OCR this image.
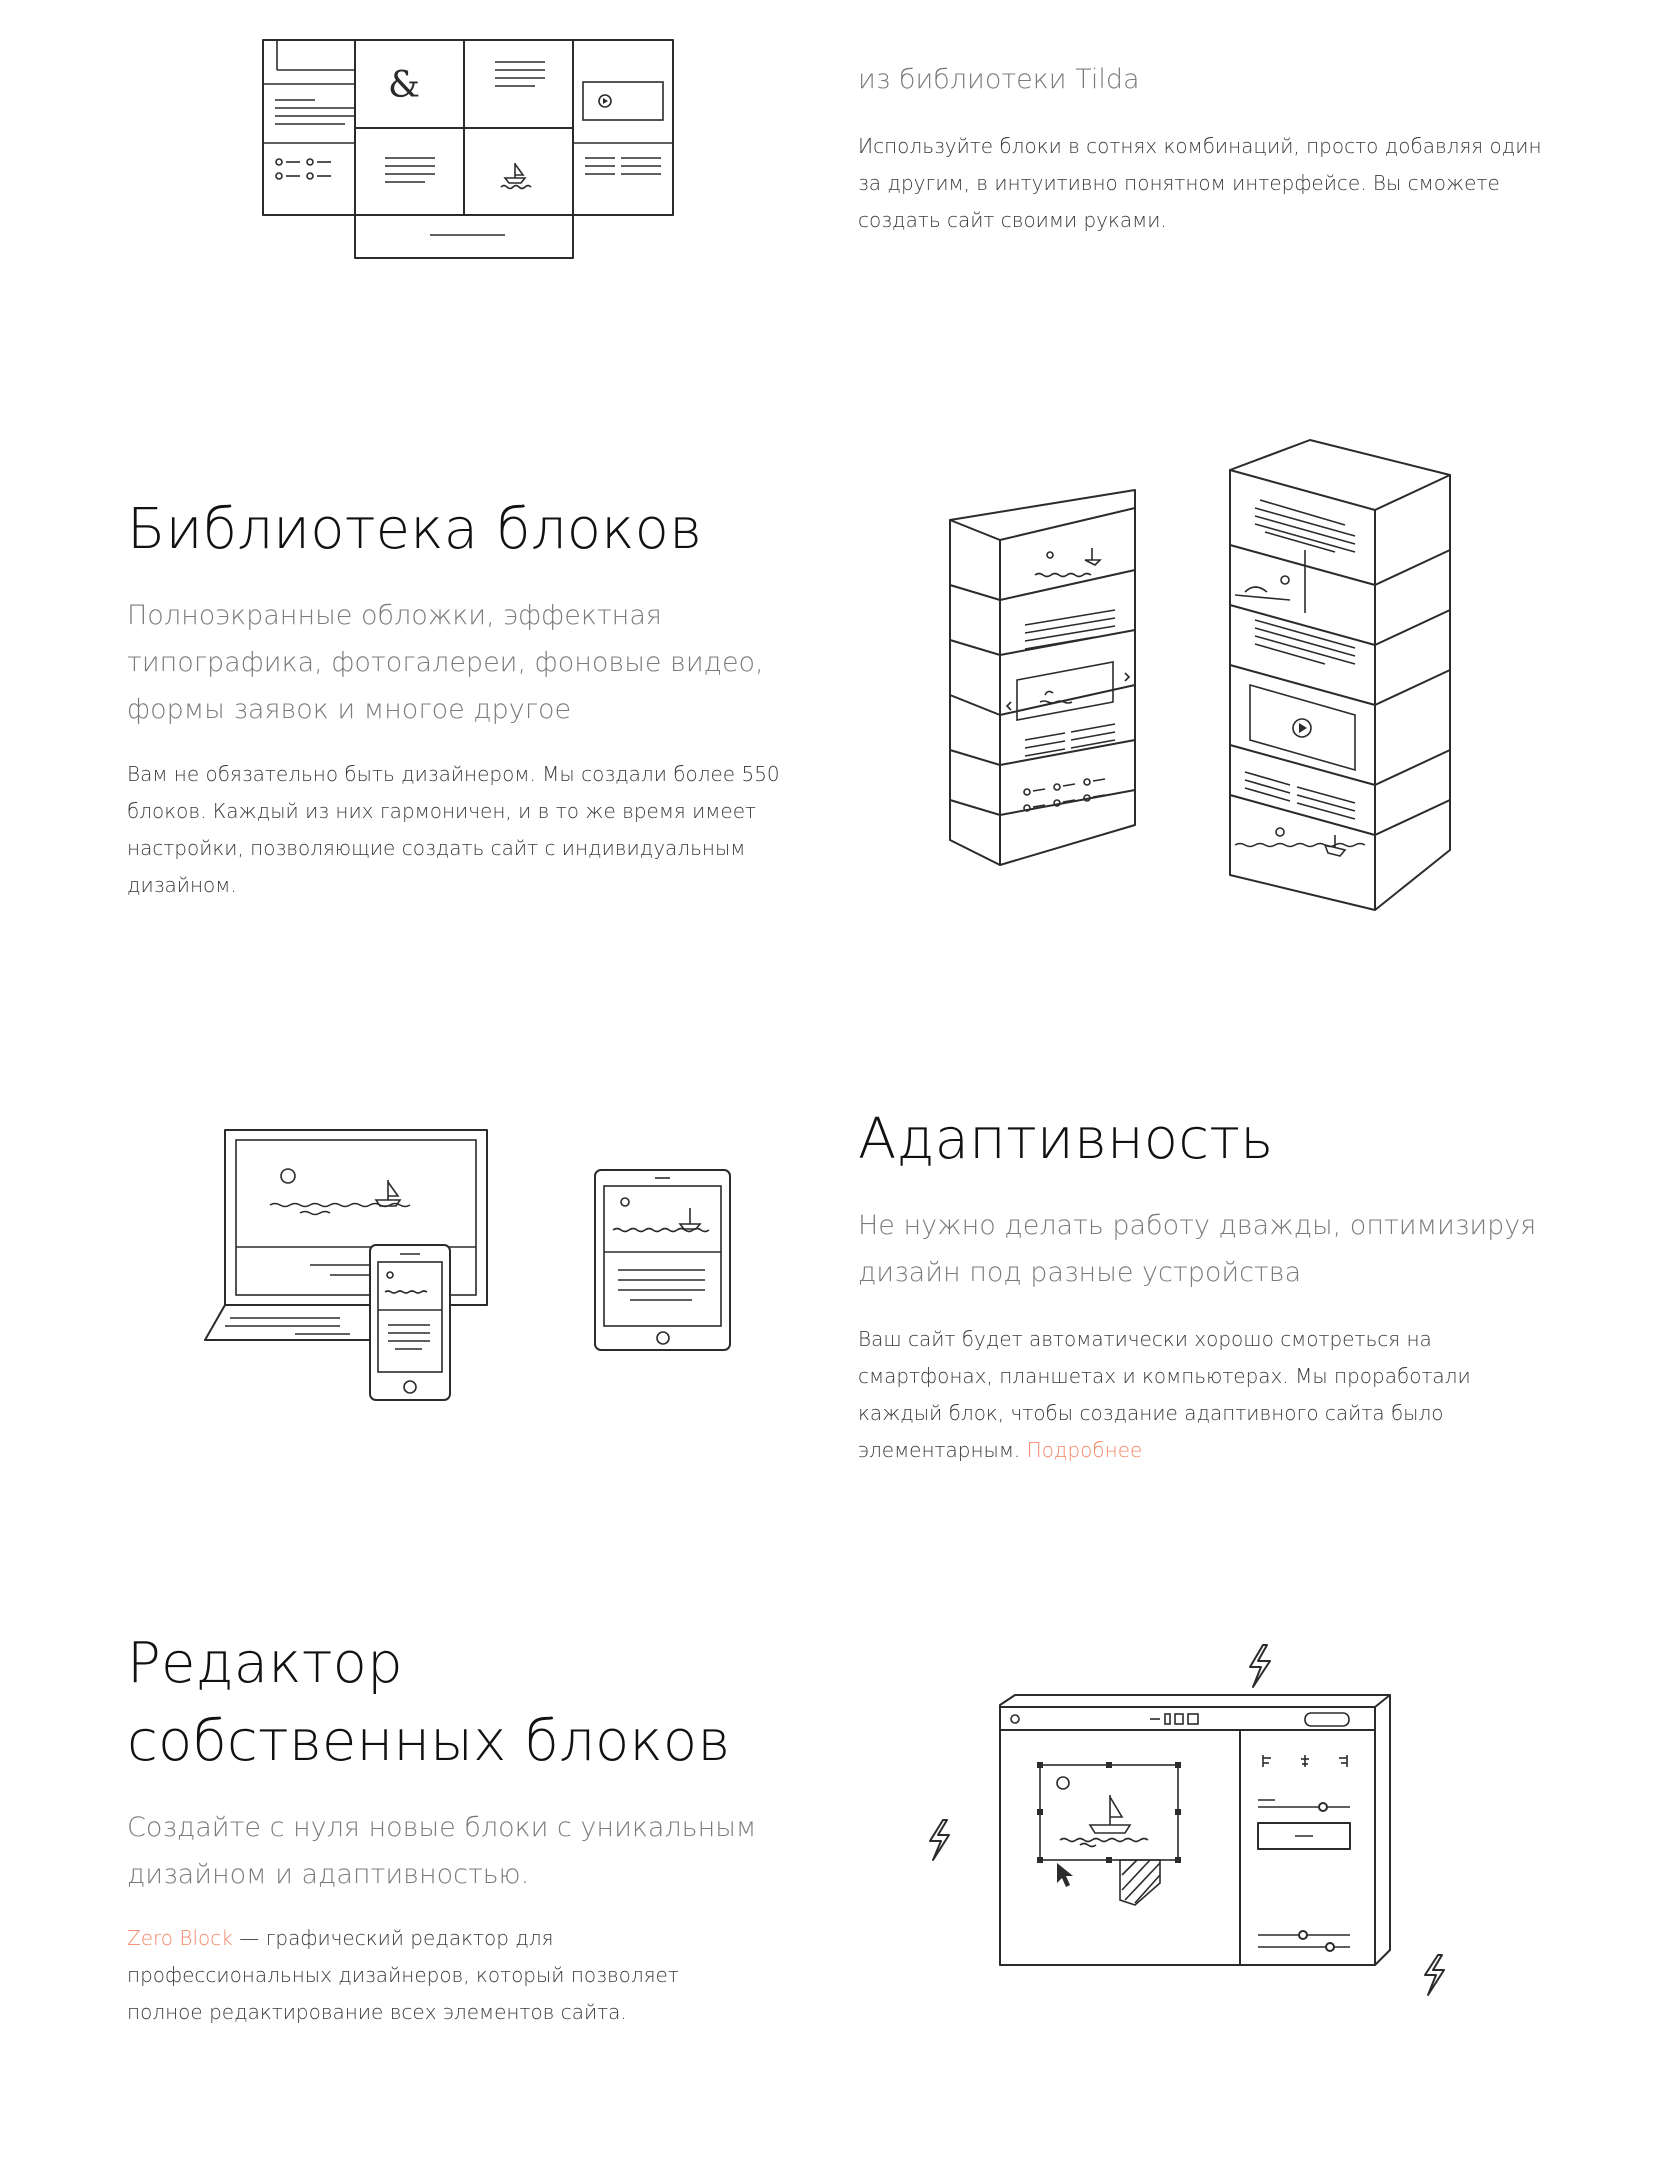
&	из библиотеки Tilda
Используйте блоки в сотнях комбинаций, просто добавляя один за другим, в интуитивно понятном интерфейсе. Вы сможете создать сайт своими руками.
Библиотека блоков
Полноэкранные обложки, эффектная типографика, фотогалереи, фоновые видео, формы заявок и многое другое
Вам не обязательно быть дизайнером. Мы создали более 550 блоков. Каждый из них гармоничен, и в то же время имеет настройки, позволяющие создать сайт с индивидуальным дизайном.
Адаптивность
Не нужно делать работу дважды, оптимизируя дизайн под разные устройства
Ваш сайт будет автоматически хорошо смотреться на смартфонах, планшетах и компьютерах. Мы проработали каждый блок, чтобы создание адаптивного сайта было элементарным. Подробнее
Редактор собственных блоков
Создайте с нуля новые блоки с уникальным дизайном и адаптивностью.
Zero Block — графический редактор для профессиональных дизайнеров, который позволяет полное редактирование всех элементов сайта.
